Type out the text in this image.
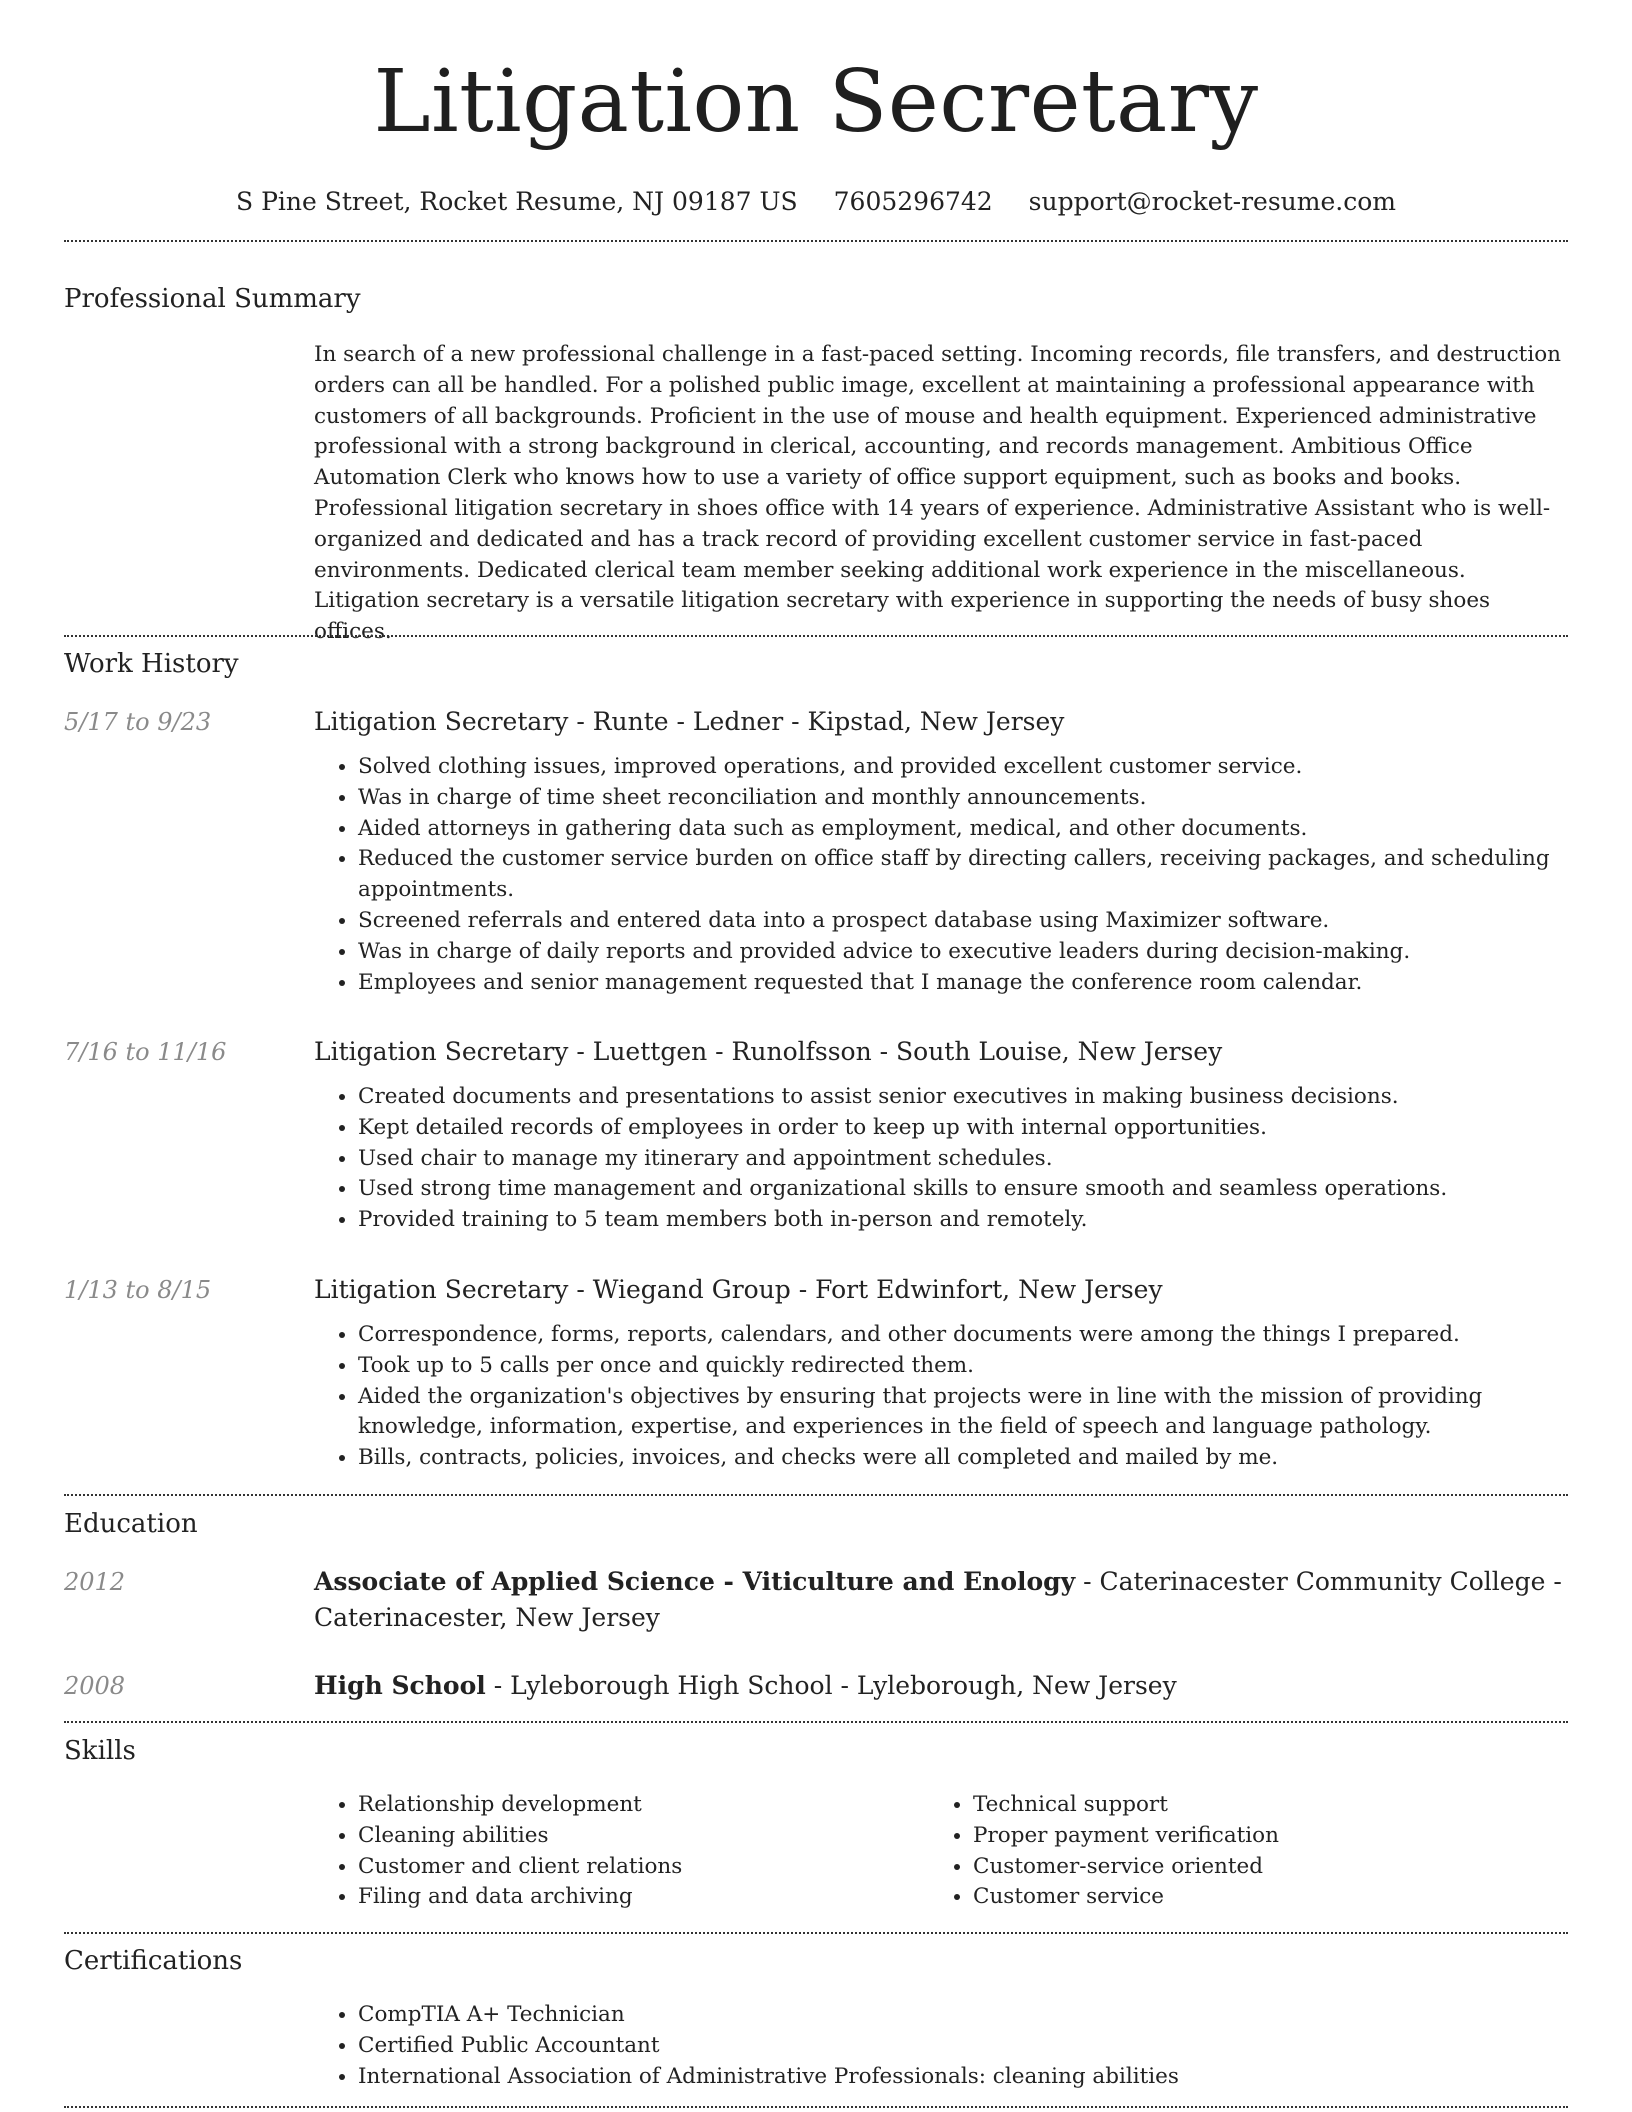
Litigation Secretary
S Pine Street, Rocket Resume, NJ 09187 US 7605296742 support@rocket-resume.com
Professional Summary
In search of a new professional challenge in a fast-paced setting. Incoming records, file transfers, and destruction orders can all be handled. For a polished public image, excellent at maintaining a professional appearance with customers of all backgrounds. Proficient in the use of mouse and health equipment. Experienced administrative professional with a strong background in clerical, accounting, and records management. Ambitious Office Automation Clerk who knows how to use a variety of office support equipment, such as books and books. Professional litigation secretary in shoes office with 14 years of experience. Administrative Assistant who is well-organized and dedicated and has a track record of providing excellent customer service in fast-paced environments. Dedicated clerical team member seeking additional work experience in the miscellaneous. Litigation secretary is a versatile litigation secretary with experience in supporting the needs of busy shoes offices.
Work History
5/17 to 9/23	Litigation Secretary - Runte - Ledner - Kipstad, New Jersey
• Solved clothing issues, improved operations, and provided excellent customer service.
• Was in charge of time sheet reconciliation and monthly announcements.
• Aided attorneys in gathering data such as employment, medical, and other documents.
• Reduced the customer service burden on office staff by directing callers, receiving packages, and scheduling appointments.
• Screened referrals and entered data into a prospect database using Maximizer software.
• Was in charge of daily reports and provided advice to executive leaders during decision-making.
• Employees and senior management requested that I manage the conference room calendar.
7/16 to 11/16	Litigation Secretary - Luettgen - Runolfsson - South Louise, New Jersey
• Created documents and presentations to assist senior executives in making business decisions.
• Kept detailed records of employees in order to keep up with internal opportunities.
• Used chair to manage my itinerary and appointment schedules.
• Used strong time management and organizational skills to ensure smooth and seamless operations.
• Provided training to 5 team members both in-person and remotely.
1/13 to 8/15	Litigation Secretary - Wiegand Group - Fort Edwinfort, New Jersey
• Correspondence, forms, reports, calendars, and other documents were among the things I prepared.
• Took up to 5 calls per once and quickly redirected them.
• Aided the organization's objectives by ensuring that projects were in line with the mission of providing knowledge, information, expertise, and experiences in the field of speech and language pathology.
• Bills, contracts, policies, invoices, and checks were all completed and mailed by me.
Education
2012	Associate of Applied Science - Viticulture and Enology - Caterinacester Community College - Caterinacester, New Jersey
2008	High School - Lyleborough High School - Lyleborough, New Jersey
Skills
• Relationship development
• Cleaning abilities
• Customer and client relations
• Filing and data archiving
• Technical support
• Proper payment verification
• Customer-service oriented
• Customer service
Certifications
• CompTIA A+ Technician
• Certified Public Accountant
• International Association of Administrative Professionals: cleaning abilities
